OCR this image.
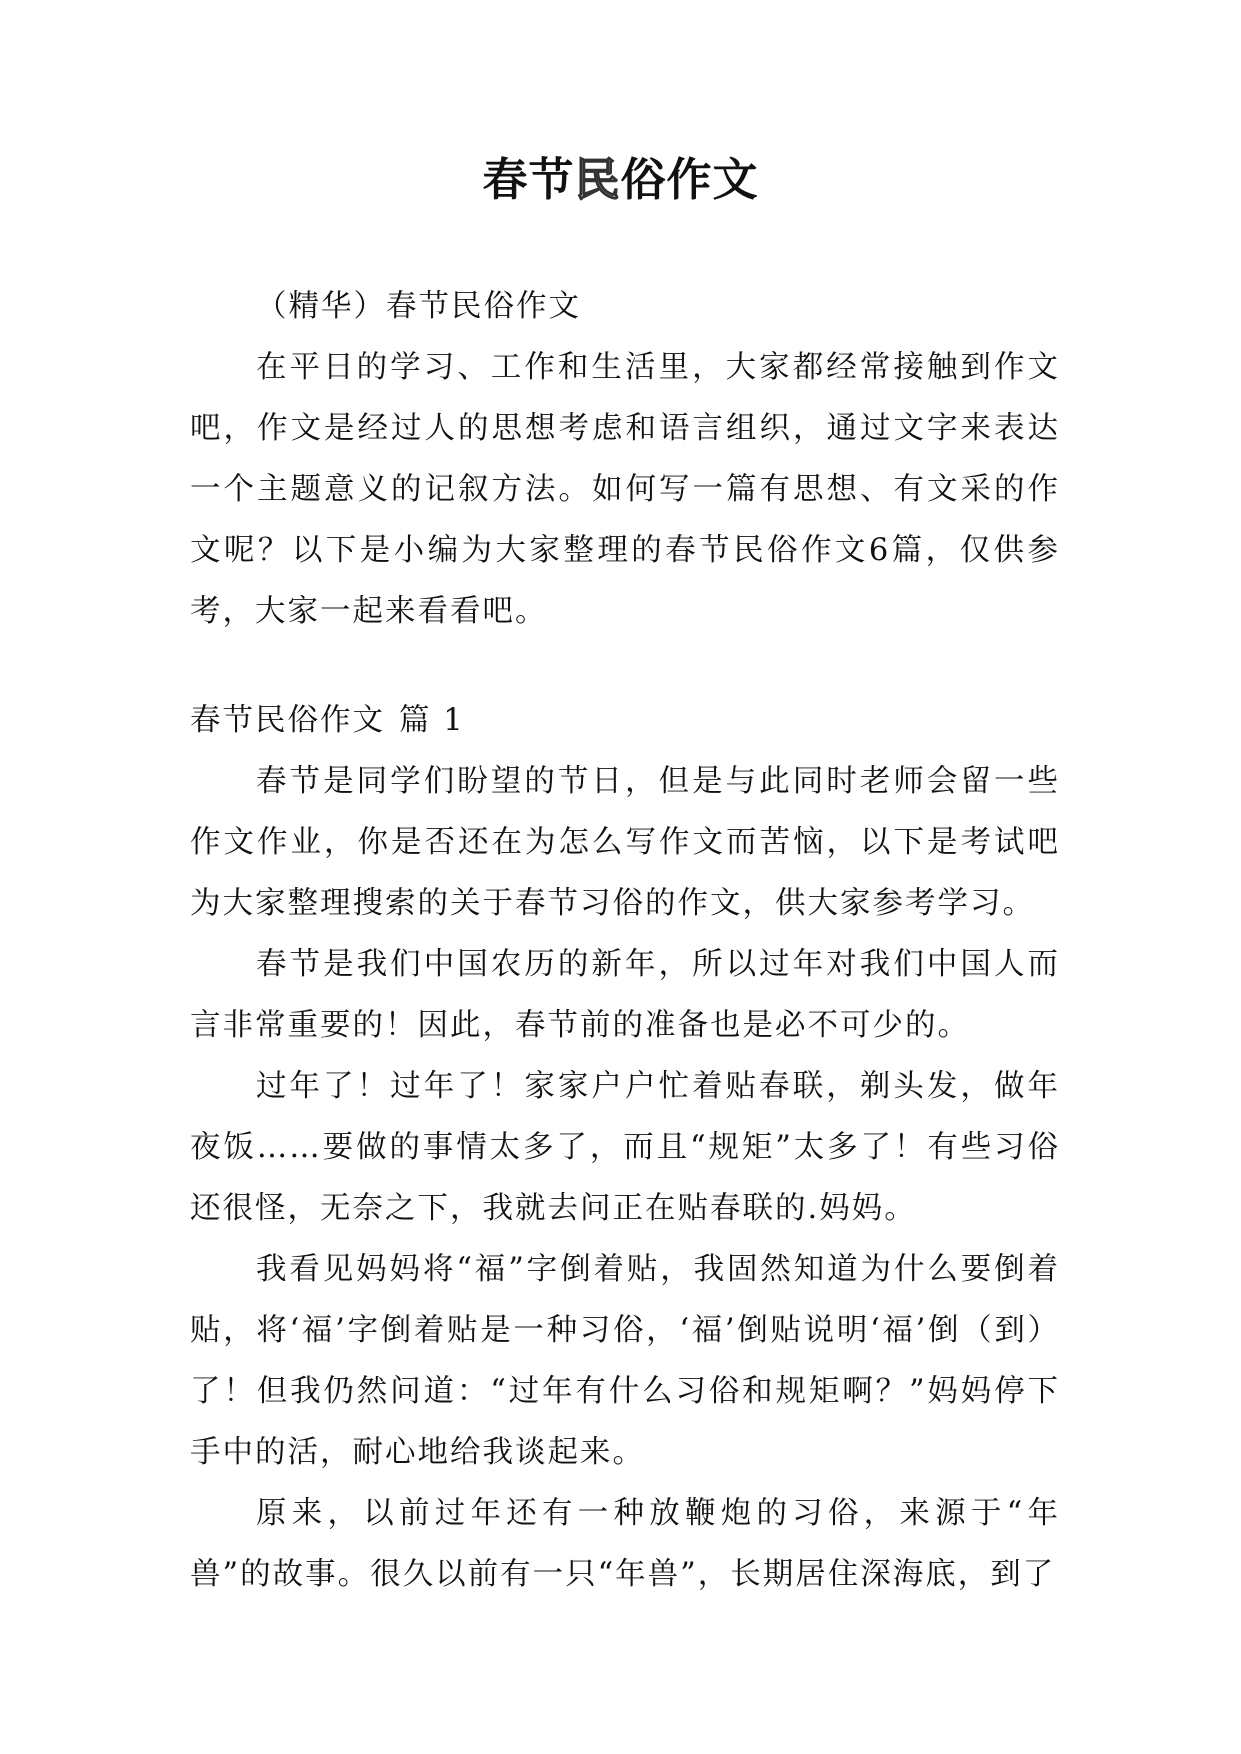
春节民俗作文

（精华）春节民俗作文

在平日的学习、工作和生活里，大家都经常接触到作文吧，作文是经过人的思想考虑和语言组织，通过文字来表达一个主题意义的记叙方法。如何写一篇有思想、有文采的作文呢？以下是小编为大家整理的春节民俗作文6篇，仅供参考，大家一起来看看吧。

春节民俗作文 篇 1

春节是同学们盼望的节日，但是与此同时老师会留一些作文作业，你是否还在为怎么写作文而苦恼，以下是考试吧为大家整理搜索的关于春节习俗的作文，供大家参考学习。

春节是我们中国农历的新年，所以过年对我们中国人而言非常重要的！因此，春节前的准备也是必不可少的。

过年了！过年了！家家户户忙着贴春联，剃头发，做年夜饭……要做的事情太多了，而且“规矩”太多了！有些习俗还很怪，无奈之下，我就去问正在贴春联的.妈妈。

我看见妈妈将“福”字倒着贴，我固然知道为什么要倒着贴，将‘福’字倒着贴是一种习俗，‘福’倒贴说明‘福’倒（到）了！但我仍然问道：“过年有什么习俗和规矩啊？”妈妈停下手中的活，耐心地给我谈起来。

原来，以前过年还有一种放鞭炮的习俗，来源于“年兽”的故事。很久以前有一只“年兽”，长期居住深海底，到了
